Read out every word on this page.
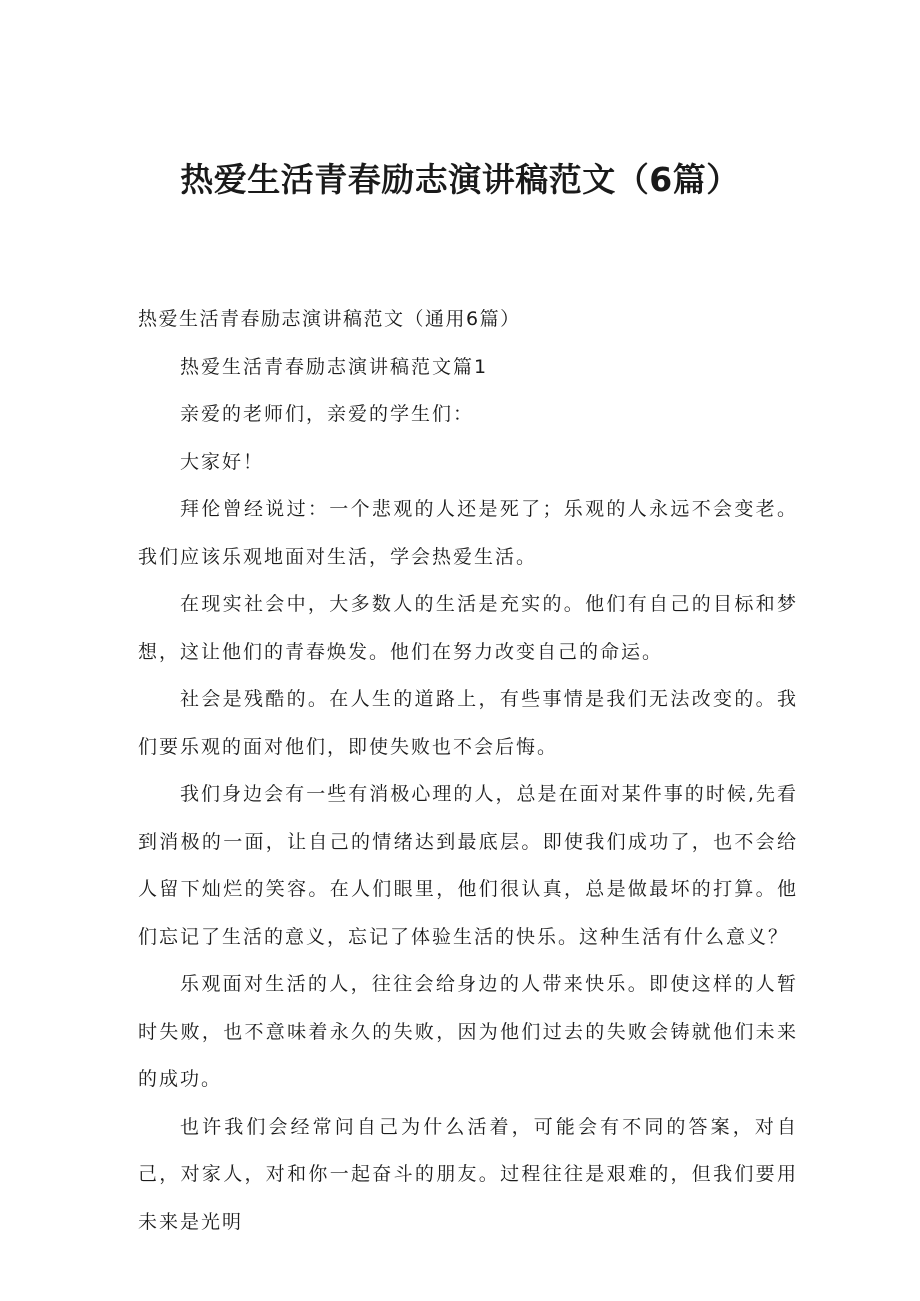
热爱生活青春励志演讲稿范文（6篇）

热爱生活青春励志演讲稿范文（通用6篇）

热爱生活青春励志演讲稿范文篇1

亲爱的老师们，亲爱的学生们：

大家好！

拜伦曾经说过：一个悲观的人还是死了；乐观的人永远不会变老。我们应该乐观地面对生活，学会热爱生活。

在现实社会中，大多数人的生活是充实的。他们有自己的目标和梦想，这让他们的青春焕发。他们在努力改变自己的命运。

社会是残酷的。在人生的道路上，有些事情是我们无法改变的。我们要乐观的面对他们，即使失败也不会后悔。

我们身边会有一些有消极心理的人，总是在面对某件事的时候,先看到消极的一面，让自己的情绪达到最底层。即使我们成功了，也不会给人留下灿烂的笑容。在人们眼里，他们很认真，总是做最坏的打算。他们忘记了生活的意义，忘记了体验生活的快乐。这种生活有什么意义？

乐观面对生活的人，往往会给身边的人带来快乐。即使这样的人暂时失败，也不意味着永久的失败，因为他们过去的失败会铸就他们未来的成功。

也许我们会经常问自己为什么活着，可能会有不同的答案，对自己，对家人，对和你一起奋斗的朋友。过程往往是艰难的，但我们要用未来是光明
